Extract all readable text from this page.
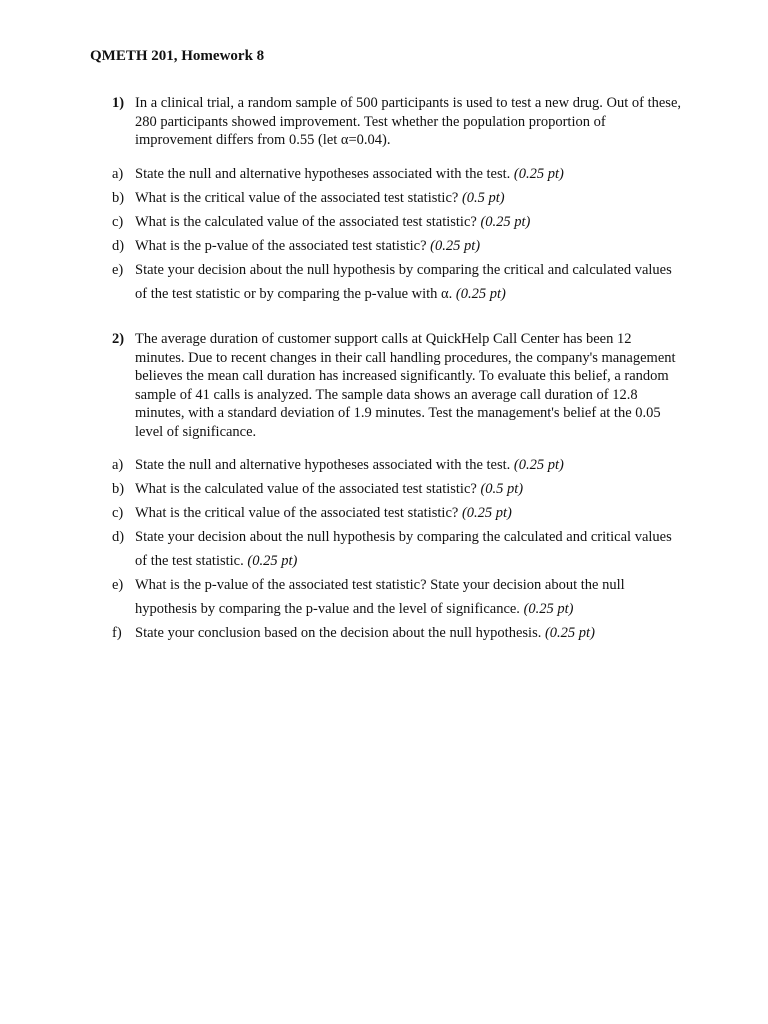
QMETH 201, Homework 8
1) In a clinical trial, a random sample of 500 participants is used to test a new drug. Out of these, 280 participants showed improvement. Test whether the population proportion of improvement differs from 0.55 (let α=0.04).
a) State the null and alternative hypotheses associated with the test. (0.25 pt)
b) What is the critical value of the associated test statistic? (0.5 pt)
c) What is the calculated value of the associated test statistic? (0.25 pt)
d) What is the p-value of the associated test statistic? (0.25 pt)
e) State your decision about the null hypothesis by comparing the critical and calculated values of the test statistic or by comparing the p-value with α. (0.25 pt)
2) The average duration of customer support calls at QuickHelp Call Center has been 12 minutes. Due to recent changes in their call handling procedures, the company's management believes the mean call duration has increased significantly. To evaluate this belief, a random sample of 41 calls is analyzed. The sample data shows an average call duration of 12.8 minutes, with a standard deviation of 1.9 minutes. Test the management's belief at the 0.05 level of significance.
a) State the null and alternative hypotheses associated with the test. (0.25 pt)
b) What is the calculated value of the associated test statistic? (0.5 pt)
c) What is the critical value of the associated test statistic? (0.25 pt)
d) State your decision about the null hypothesis by comparing the calculated and critical values of the test statistic. (0.25 pt)
e) What is the p-value of the associated test statistic? State your decision about the null hypothesis by comparing the p-value and the level of significance. (0.25 pt)
f) State your conclusion based on the decision about the null hypothesis. (0.25 pt)
